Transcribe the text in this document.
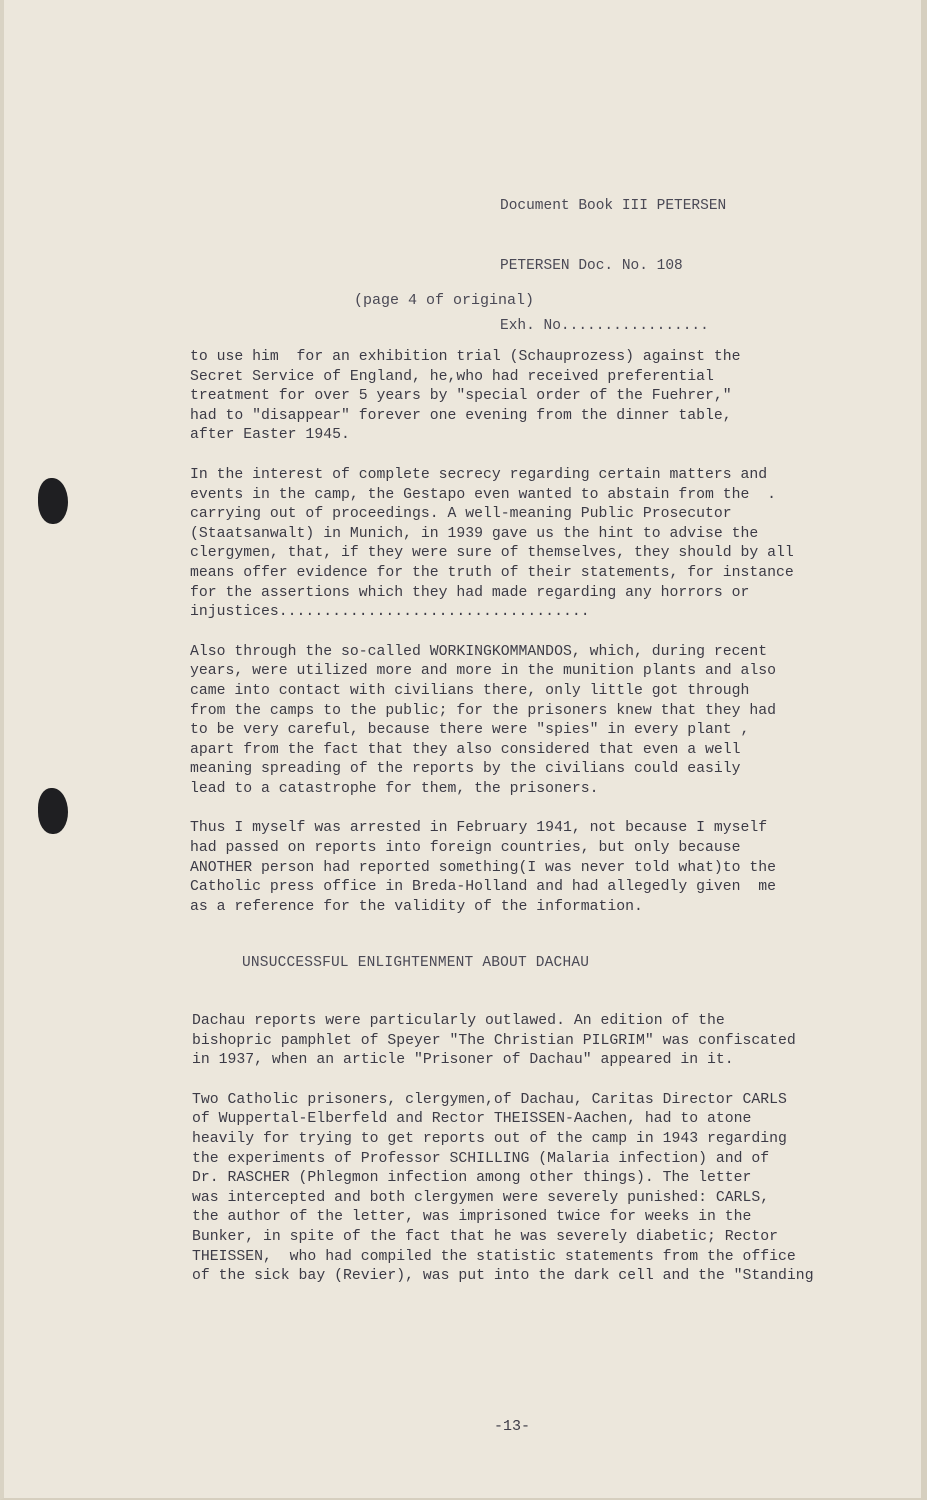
Document Book III PETERSEN

PETERSEN Doc. No. 108

Exh. No.................

(page 4 of original)
to use him  for an exhibition trial (Schauprozess) against the
Secret Service of England, he,who had received preferential
treatment for over 5 years by "special order of the Fuehrer,"
had to "disappear" forever one evening from the dinner table,
after Easter 1945.
In the interest of complete secrecy regarding certain matters and
events in the camp, the Gestapo even wanted to abstain from the  .
carrying out of proceedings. A well-meaning Public Prosecutor
(Staatsanwalt) in Munich, in 1939 gave us the hint to advise the
clergymen, that, if they were sure of themselves, they should by all
means offer evidence for the truth of their statements, for instance
for the assertions which they had made regarding any horrors or
injustices...................................
Also through the so-called WORKINGKOMMANDOS, which, during recent
years, were utilized more and more in the munition plants and also
came into contact with civilians there, only little got through
from the camps to the public; for the prisoners knew that they had
to be very careful, because there were "spies" in every plant ,
apart from the fact that they also considered that even a well
meaning spreading of the reports by the civilians could easily
lead to a catastrophe for them, the prisoners.
Thus I myself was arrested in February 1941, not because I myself
had passed on reports into foreign countries, but only because
ANOTHER person had reported something(I was never told what)to the
Catholic press office in Breda-Holland and had allegedly given  me
as a reference for the validity of the information.
UNSUCCESSFUL ENLIGHTENMENT ABOUT DACHAU
Dachau reports were particularly outlawed. An edition of the
bishopric pamphlet of Speyer "The Christian PILGRIM" was confiscated
in 1937, when an article "Prisoner of Dachau" appeared in it.
Two Catholic prisoners, clergymen,of Dachau, Caritas Director CARLS
of Wuppertal-Elberfeld and Rector THEISSEN-Aachen, had to atone
heavily for trying to get reports out of the camp in 1943 regarding
the experiments of Professor SCHILLING (Malaria infection) and of
Dr. RASCHER (Phlegmon infection among other things). The letter
was intercepted and both clergymen were severely punished: CARLS,
the author of the letter, was imprisoned twice for weeks in the
Bunker, in spite of the fact that he was severely diabetic; Rector
THEISSEN,  who had compiled the statistic statements from the office
of the sick bay (Revier), was put into the dark cell and the "Standing
-13-
